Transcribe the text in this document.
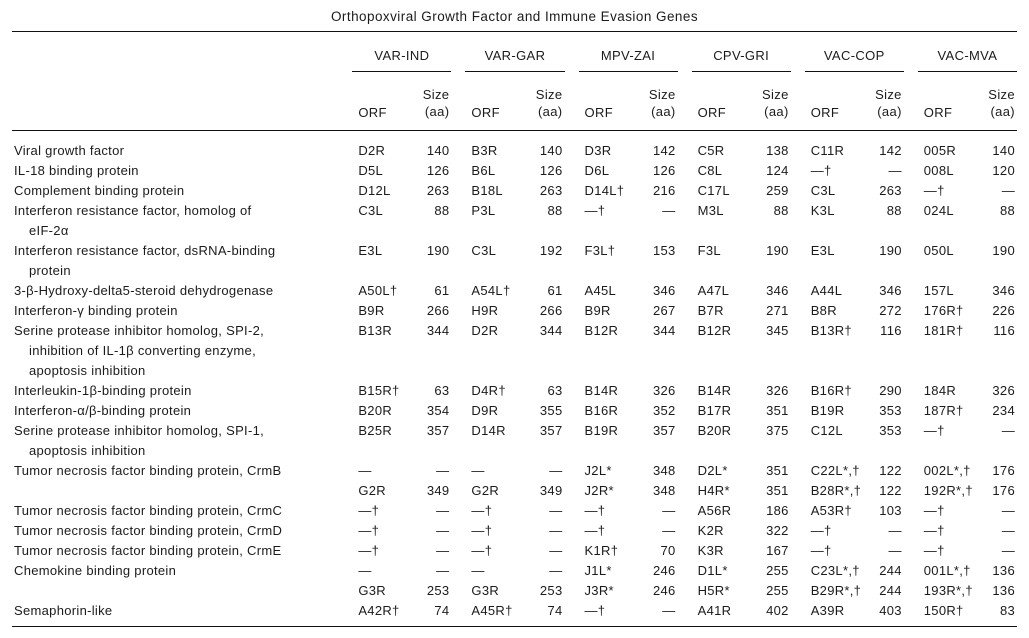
Orthopoxviral Growth Factor and Immune Evasion Genes

	VAR-IND		VAR-GAR		MPV-ZAI		CPV-GRI		VAC-COP		VAC-MVA	

	ORF	Size
(aa)	ORF	Size
(aa)	ORF	Size
(aa)	ORF	Size
(aa)	ORF	Size
(aa)	ORF	Size
(aa)

Viral growth factor	D2R	140	B3R	140	D3R	142	C5R	138	C11R	142	005R	140
IL-18 binding protein	D5L	126	B6L	126	D6L	126	C8L	124	—†	—	008L	120
Complement binding protein	D12L	263	B18L	263	D14L†	216	C17L	259	C3L	263	—†	—
Interferon resistance factor, homolog of	C3L	88	P3L	88	—†	—	M3L	88	K3L	88	024L	88
eIF-2α												
Interferon resistance factor, dsRNA-binding	E3L	190	C3L	192	F3L†	153	F3L	190	E3L	190	050L	190
protein												
3-β-Hydroxy-delta5-steroid dehydrogenase	A50L†	61	A54L†	61	A45L	346	A47L	346	A44L	346	157L	346
Interferon-γ binding protein	B9R	266	H9R	266	B9R	267	B7R	271	B8R	272	176R†	226
Serine protease inhibitor homolog, SPI-2,	B13R	344	D2R	344	B12R	344	B12R	345	B13R†	116	181R†	116
inhibition of IL-1β converting enzyme,												
apoptosis inhibition												
Interleukin-1β-binding protein	B15R†	63	D4R†	63	B14R	326	B14R	326	B16R†	290	184R	326
Interferon-α/β-binding protein	B20R	354	D9R	355	B16R	352	B17R	351	B19R	353	187R†	234
Serine protease inhibitor homolog, SPI-1,	B25R	357	D14R	357	B19R	357	B20R	375	C12L	353	—†	—
apoptosis inhibition												
Tumor necrosis factor binding protein, CrmB	—	—	—	—	J2L*	348	D2L*	351	C22L*,†	122	002L*,†	176
	G2R	349	G2R	349	J2R*	348	H4R*	351	B28R*,†	122	192R*,†	176
Tumor necrosis factor binding protein, CrmC	—†	—	—†	—	—†	—	A56R	186	A53R†	103	—†	—
Tumor necrosis factor binding protein, CrmD	—†	—	—†	—	—†	—	K2R	322	—†	—	—†	—
Tumor necrosis factor binding protein, CrmE	—†	—	—†	—	K1R†	70	K3R	167	—†	—	—†	—
Chemokine binding protein	—	—	—	—	J1L*	246	D1L*	255	C23L*,†	244	001L*,†	136
	G3R	253	G3R	253	J3R*	246	H5R*	255	B29R*,†	244	193R*,†	136
Semaphorin-like	A42R†	74	A45R†	74	—†	—	A41R	402	A39R	403	150R†	83
